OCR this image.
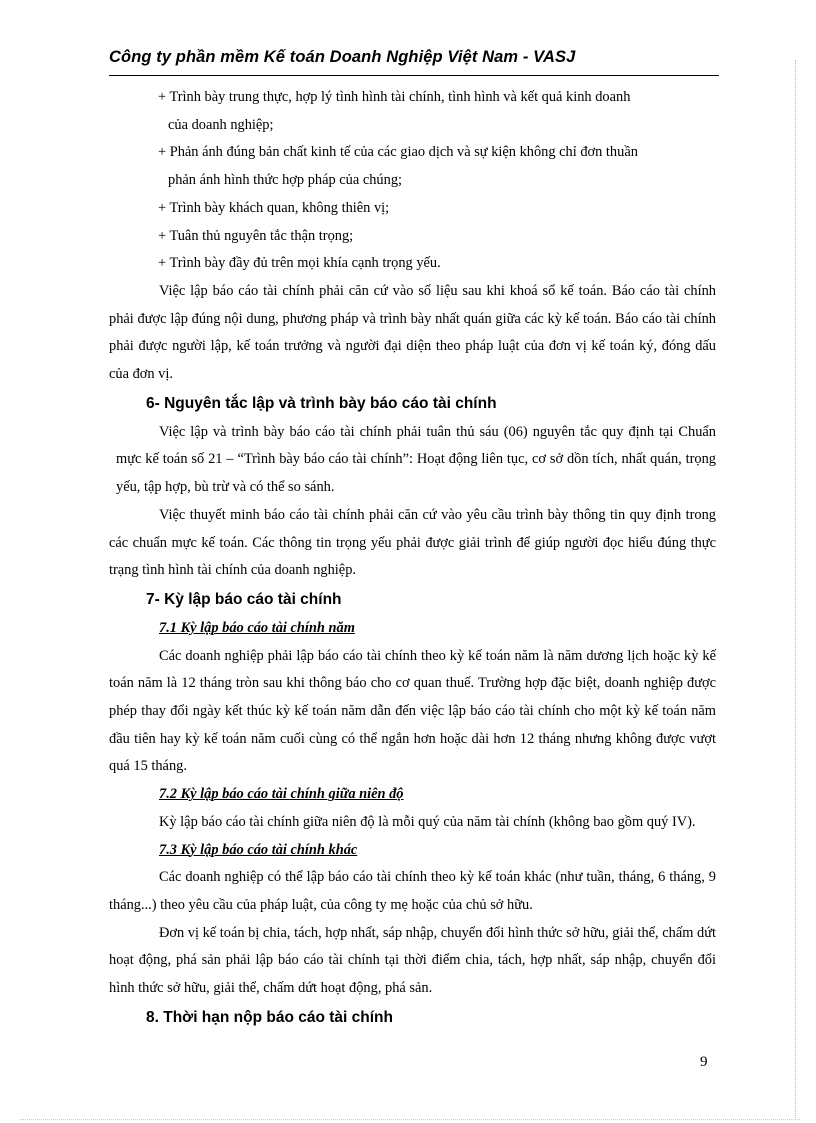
Công ty phần mềm Kế toán Doanh Nghiệp Việt Nam - VASJ

+ Trình bày trung thực, hợp lý tình hình tài chính, tình hình và kết quả kinh doanh
của doanh nghiệp;

+ Phản ánh đúng bản chất kinh tế của các giao dịch và sự kiện không chỉ đơn thuần
phản ánh hình thức hợp pháp của chúng;

+ Trình bày khách quan, không thiên vị;

+ Tuân thủ nguyên tắc thận trọng;

+ Trình bày đầy đủ trên mọi khía cạnh trọng yếu.

Việc lập báo cáo tài chính phải căn cứ vào số liệu sau khi khoá sổ kế toán. Báo cáo tài chính phải được lập đúng nội dung, phương pháp và trình bày nhất quán giữa các kỳ kế toán. Báo cáo tài chính phải được người lập, kế toán trưởng và người đại diện theo pháp luật của đơn vị kế toán ký, đóng dấu của đơn vị.

6- Nguyên tắc lập và trình bày báo cáo tài chính

Việc lập và trình bày báo cáo tài chính phải tuân thủ sáu (06) nguyên tắc quy định tại Chuẩn mực kế toán số 21 – “Trình bày báo cáo tài chính”: Hoạt động liên tục, cơ sở dồn tích, nhất quán, trọng yếu, tập hợp, bù trừ và có thể so sánh.

Việc thuyết minh báo cáo tài chính phải căn cứ vào yêu cầu trình bày thông tin quy định trong các chuẩn mực kế toán. Các thông tin trọng yếu phải được giải trình để giúp người đọc hiểu đúng thực trạng tình hình tài chính của doanh nghiệp.

7- Kỳ lập báo cáo tài chính
7.1 Kỳ lập báo cáo tài chính năm

Các doanh nghiệp phải lập báo cáo tài chính theo kỳ kế toán năm là năm dương lịch hoặc kỳ kế toán năm là 12 tháng tròn sau khi thông báo cho cơ quan thuế. Trường hợp đặc biệt, doanh nghiệp được phép thay đổi ngày kết thúc kỳ kế toán năm dẫn đến việc lập báo cáo tài chính cho một kỳ kế toán năm đầu tiên hay kỳ kế toán năm cuối cùng có thể ngắn hơn hoặc dài hơn 12 tháng nhưng không được vượt quá 15 tháng.

7.2 Kỳ lập báo cáo tài chính giữa niên độ

Kỳ lập báo cáo tài chính giữa niên độ là mỗi quý của năm tài chính (không bao gồm quý IV).

7.3 Kỳ lập báo cáo tài chính khác

Các doanh nghiệp có thể lập báo cáo tài chính theo kỳ kế toán khác (như tuần, tháng, 6 tháng, 9 tháng...) theo yêu cầu của pháp luật, của công ty mẹ hoặc của chủ sở hữu.

Đơn vị kế toán bị chia, tách, hợp nhất, sáp nhập, chuyển đổi hình thức sở hữu, giải thể, chấm dứt hoạt động, phá sản phải lập báo cáo tài chính tại thời điểm chia, tách, hợp nhất, sáp nhập, chuyển đổi hình thức sở hữu, giải thể, chấm dứt hoạt động, phá sản.

8. Thời hạn nộp báo cáo tài chính
9
